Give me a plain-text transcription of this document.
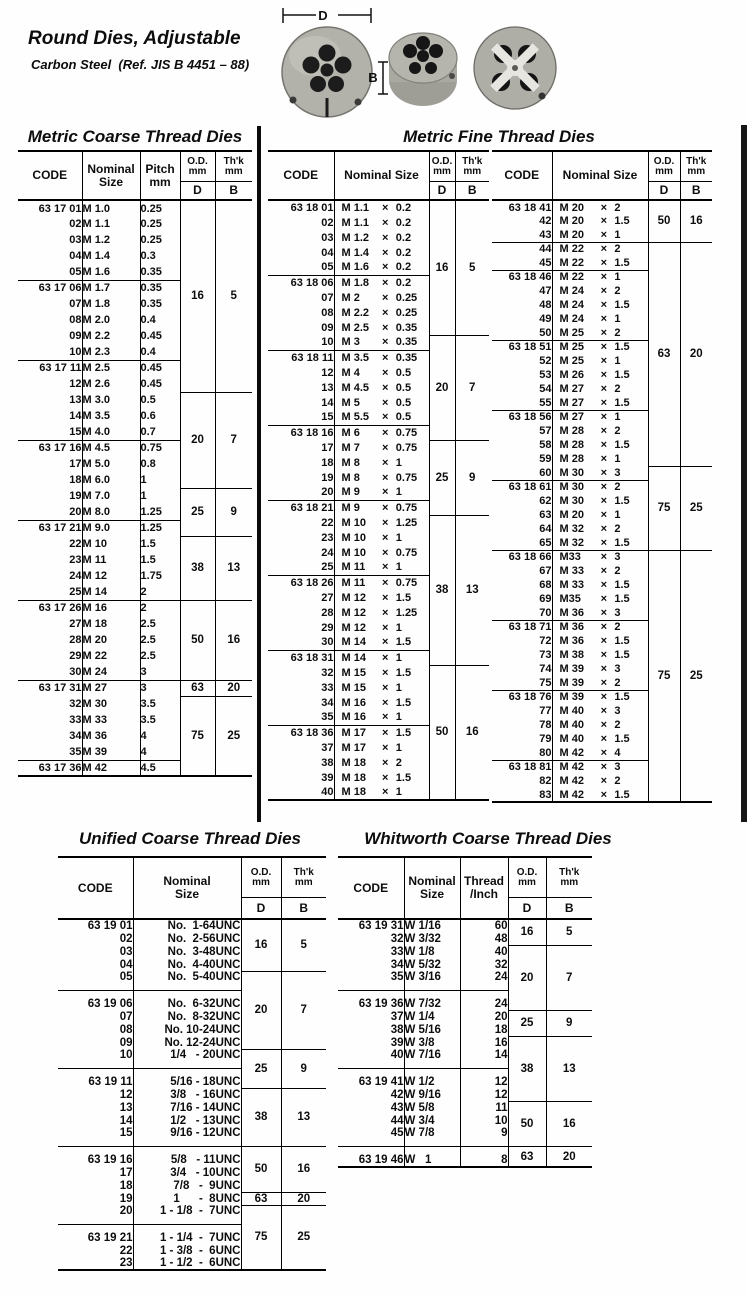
Round Dies, Adjustable
Carbon Steel  (Ref. JIS B 4451 – 88)
D
B
Metric Coarse Thread Dies	Metric Fine Thread Dies
CODE	Nominal
Size	Pitch
mm	O.D.
mm	Th'k
mm
			D	B
63 17 01	M 1.0	0.25	16	5
02	M 1.1	0.25		
03	M 1.2	0.25		
04	M 1.4	0.3		
05	M 1.6	0.35		
63 17 06	M 1.7	0.35		
07	M 1.8	0.35		
08	M 2.0	0.4		
09	M 2.2	0.45		
10	M 2.3	0.4		
63 17 11	M 2.5	0.45		
12	M 2.6	0.45		
13	M 3.0	0.5	20	7
14	M 3.5	0.6		
15	M 4.0	0.7		
63 17 16	M 4.5	0.75		
17	M 5.0	0.8		
18	M 6.0	1		
19	M 7.0	1	25	9
20	M 8.0	1.25		
63 17 21	M 9.0	1.25		
22	M 10	1.5	38	13
23	M 11	1.5		
24	M 12	1.75		
25	M 14	2		
63 17 26	M 16	2	50	16
27	M 18	2.5		
28	M 20	2.5		
29	M 22	2.5		
30	M 24	3		
63 17 31	M 27	3	63	20
32	M 30	3.5	75	25
33	M 33	3.5		
34	M 36	4		
35	M 39	4		
63 17 36	M 42	4.5		
CODE	Nominal Size	O.D.
mm	Th'k
mm
		D	B
63 18 01	M 1.1 × 0.2	16	5
02	M 1.1 × 0.2		
03	M 1.2 × 0.2		
04	M 1.4 × 0.2		
05	M 1.6 × 0.2		
63 18 06	M 1.8 × 0.2		
07	M 2 × 0.25		
08	M 2.2 × 0.25		
09	M 2.5 × 0.35		
10	M 3 × 0.35	20	7
63 18 11	M 3.5 × 0.35		
12	M 4 × 0.5		
13	M 4.5 × 0.5		
14	M 5 × 0.5		
15	M 5.5 × 0.5		
63 18 16	M 6 × 0.75		
17	M 7 × 0.75	25	9
18	M 8 × 1		
19	M 8 × 0.75		
20	M 9 × 1		
63 18 21	M 9 × 0.75		
22	M 10 × 1.25	38	13
23	M 10 × 1		
24	M 10 × 0.75		
25	M 11 × 1		
63 18 26	M 11 × 0.75		
27	M 12 × 1.5		
28	M 12 × 1.25		
29	M 12 × 1		
30	M 14 × 1.5		
63 18 31	M 14 × 1		
32	M 15 × 1.5	50	16
33	M 15 × 1		
34	M 16 × 1.5		
35	M 16 × 1		
63 18 36	M 17 × 1.5		
37	M 17 × 1		
38	M 18 × 2		
39	M 18 × 1.5		
40	M 18 × 1		
CODE	Nominal Size	O.D.
mm	Th'k
mm
		D	B
63 18 41	M 20 × 2	50	16
42	M 20 × 1.5		
43	M 20 × 1		
44	M 22 × 2	63	20
45	M 22 × 1.5		
63 18 46	M 22 × 1		
47	M 24 × 2		
48	M 24 × 1.5		
49	M 24 × 1		
50	M 25 × 2		
63 18 51	M 25 × 1.5		
52	M 25 × 1		
53	M 26 × 1.5		
54	M 27 × 2		
55	M 27 × 1.5		
63 18 56	M 27 × 1		
57	M 28 × 2		
58	M 28 × 1.5		
59	M 28 × 1		
60	M 30 × 3	75	25
63 18 61	M 30 × 2		
62	M 30 × 1.5		
63	M 20 × 1		
64	M 32 × 2		
65	M 32 × 1.5		
63 18 66	M33 × 3	75	25
67	M 33 × 2		
68	M 33 × 1.5		
69	M35 × 1.5		
70	M 36 × 3		
63 18 71	M 36 × 2		
72	M 36 × 1.5		
73	M 38 × 1.5		
74	M 39 × 3		
75	M 39 × 2		
63 18 76	M 39 × 1.5		
77	M 40 × 3		
78	M 40 × 2		
79	M 40 × 1.5		
80	M 42 × 4		
63 18 81	M 42 × 3		
82	M 42 × 2		
83	M 42 × 1.5		
Unified Coarse Thread Dies	Whitworth Coarse Thread Dies
CODE	Nominal
Size	O.D.
mm	Th'k
mm
		D	B
63 19 01	No.  1-64UNC	16	5
02	No.  2-56UNC		
03	No.  3-48UNC		
04	No.  4-40UNC		
05	No.  5-40UNC	20	7
63 19 06	No.  6-32UNC		
07	No.  8-32UNC		
08	No. 10-24UNC		
09	No. 12-24UNC		
10	1/4   - 20UNC	25	9
63 19 11	5/16 - 18UNC		
12	3/8   - 16UNC	38	13
13	7/16 - 14UNC		
14	1/2   - 13UNC		
15	9/16 - 12UNC		
63 19 16	5/8   - 11UNC	50	16
17	3/4   - 10UNC		
18	7/8   -  9UNC		
19	1      -  8UNC	63	20
20	1 - 1/8  -  7UNC	75	25
63 19 21	1 - 1/4  -  7UNC		
22	1 - 3/8  -  6UNC		
23	1 - 1/2  -  6UNC		
CODE	Nominal
Size	Thread
/Inch	O.D.
mm	Th'k
mm
			D	B
63 19 31	W 1/16	60	16	5
32	W 3/32	48		
33	W 1/8	40	20	7
34	W 5/32	32		
35	W 3/16	24		
63 19 36	W 7/32	24		
37	W 1/4	20	25	9
38	W 5/16	18		
39	W 3/8	16	38	13
40	W 7/16	14		
63 19 41	W 1/2	12		
42	W 9/16	12		
43	W 5/8	11	50	16
44	W 3/4	10		
45	W 7/8	9		
63 19 46	W   1	8	63	20
